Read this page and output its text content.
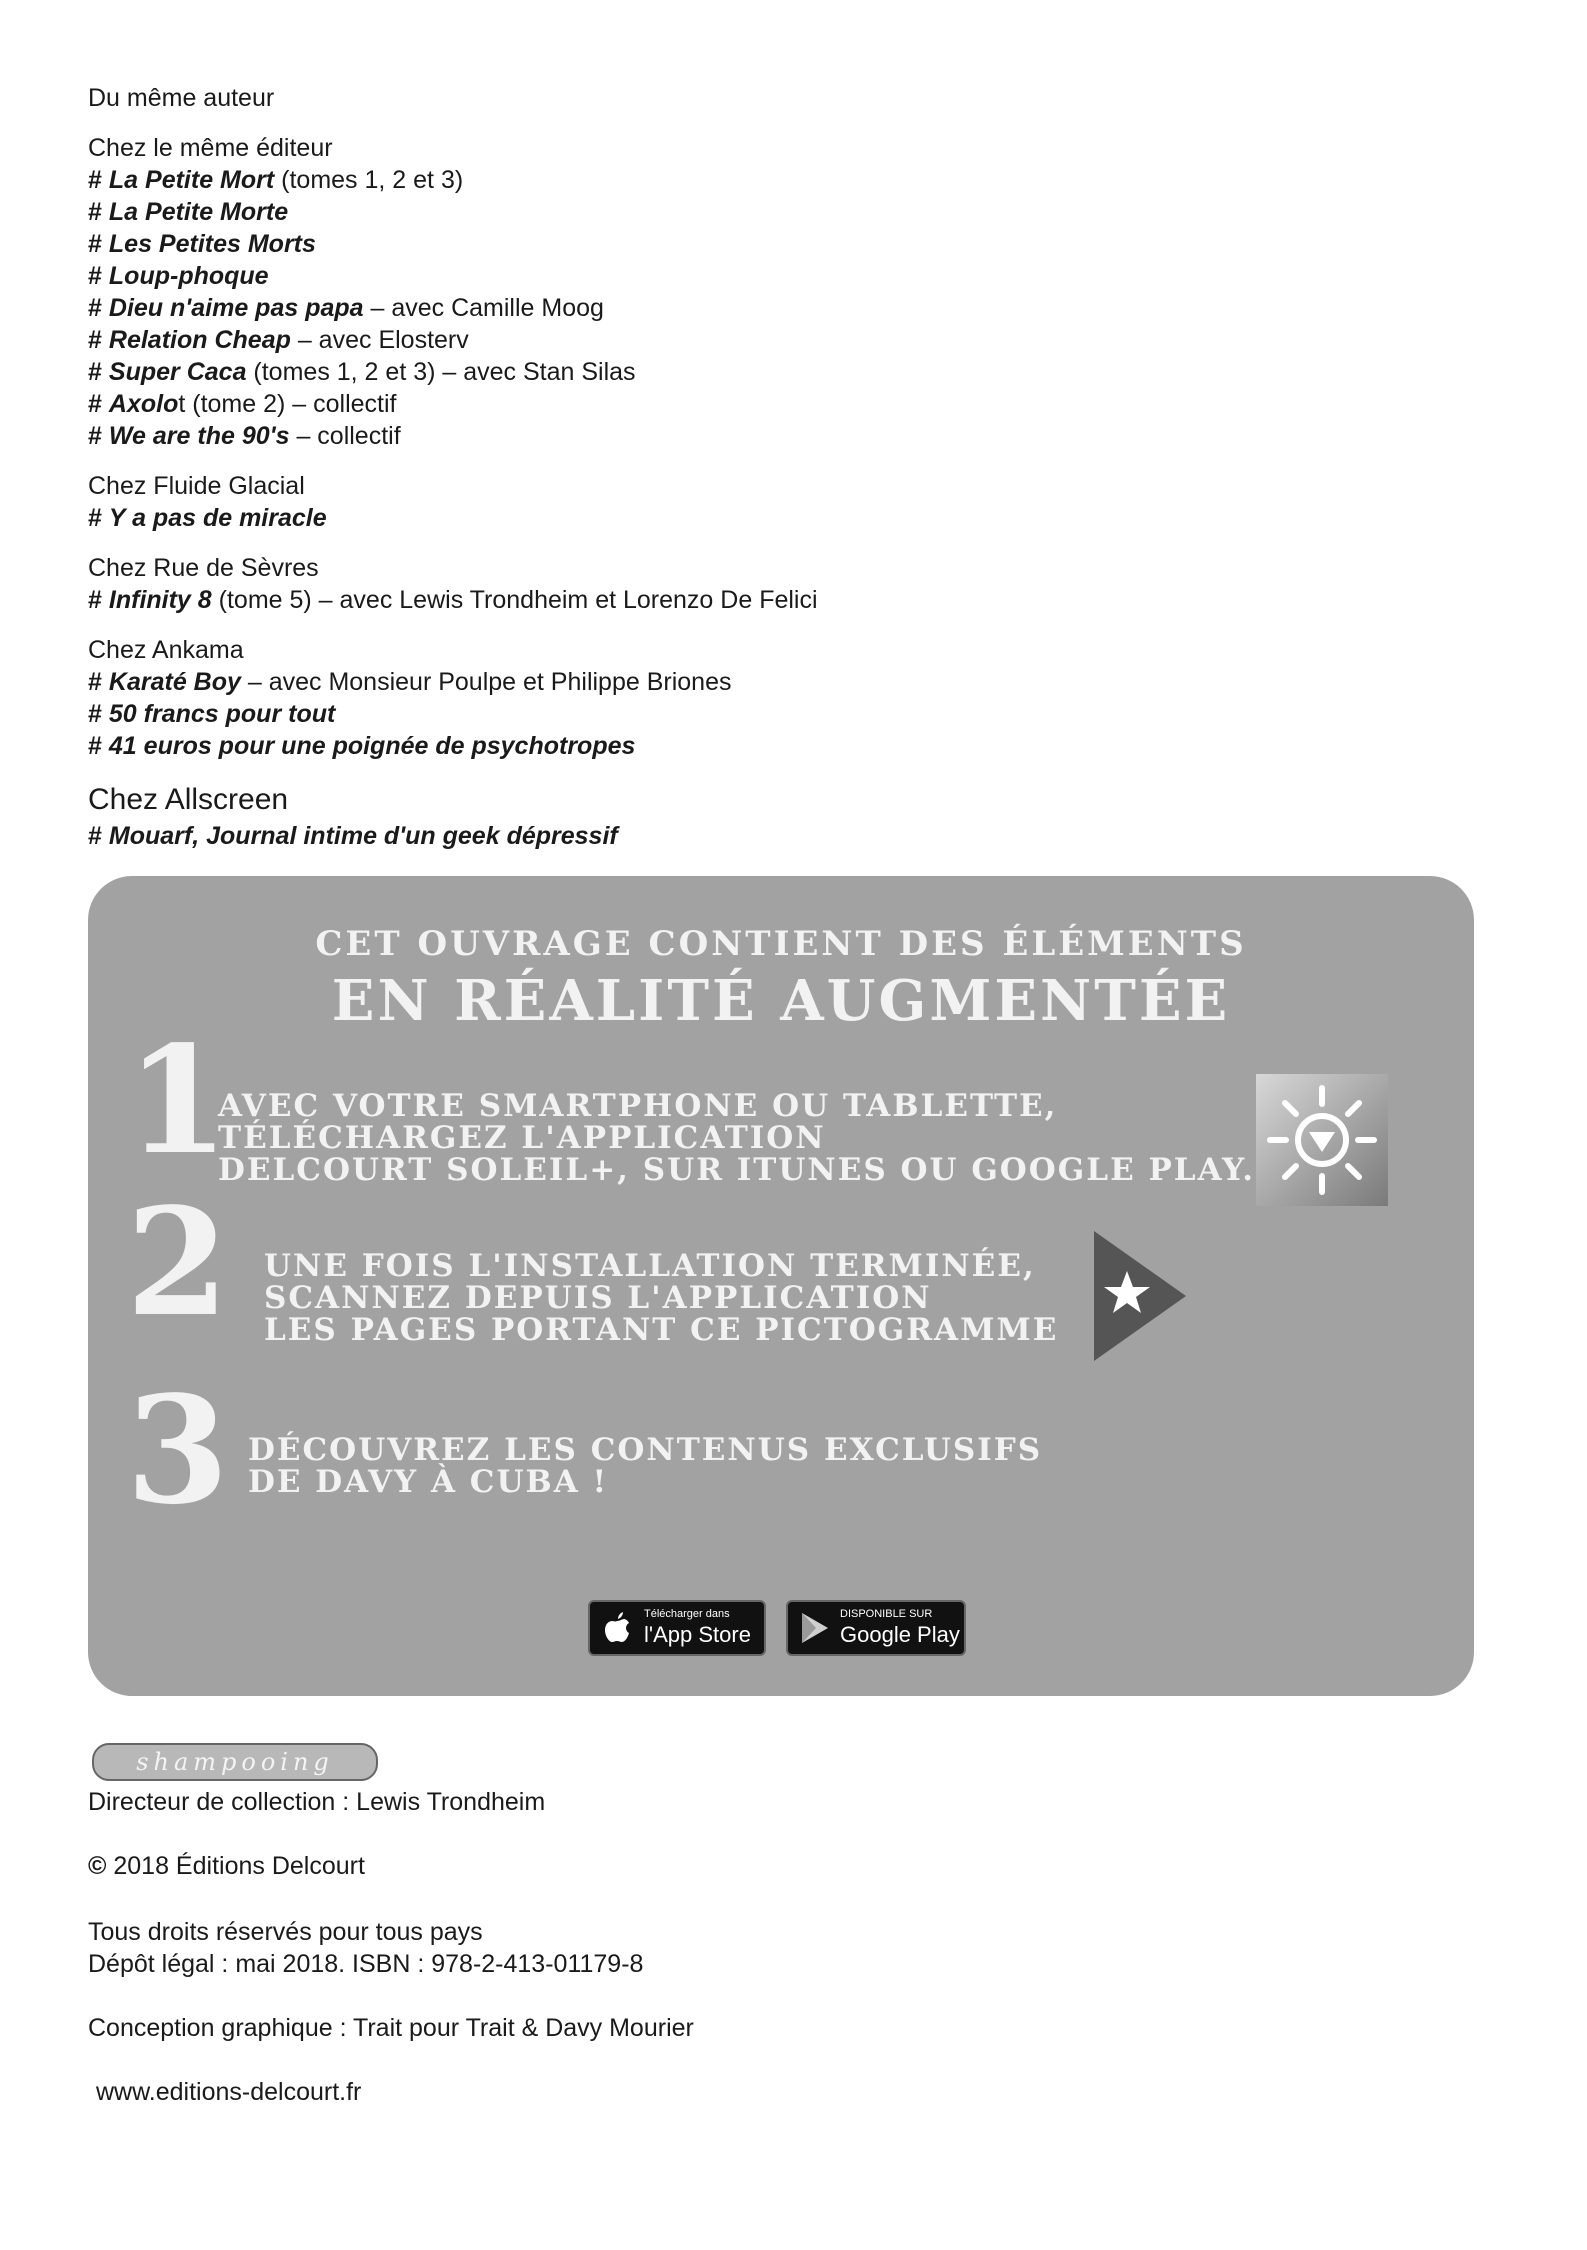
Du même auteur

Chez le même éditeur

# La Petite Mort (tomes 1, 2 et 3)

# La Petite Morte

# Les Petites Morts

# Loup-phoque

# Dieu n'aime pas papa – avec Camille Moog

# Relation Cheap – avec Elosterv

# Super Caca (tomes 1, 2 et 3) – avec Stan Silas

# Axolot (tome 2) – collectif

# We are the 90's – collectif

Chez Fluide Glacial

# Y a pas de miracle

Chez Rue de Sèvres

# Infinity 8 (tome 5) – avec Lewis Trondheim et Lorenzo De Felici

Chez Ankama

# Karaté Boy – avec Monsieur Poulpe et Philippe Briones

# 50 francs pour tout

# 41 euros pour une poignée de psychotropes

Chez Allscreen

# Mouarf, Journal intime d'un geek dépressif

CET OUVRAGE CONTIENT DES ÉLÉMENTS
EN RÉALITÉ AUGMENTÉE
1
AVEC VOTRE SMARTPHONE OU TABLETTE,
TÉLÉCHARGEZ L'APPLICATION
DELCOURT SOLEIL+, SUR ITUNES OU GOOGLE PLAY.
2 UNE FOIS L'INSTALLATION TERMINÉE,
SCANNEZ DEPUIS L'APPLICATION
LES PAGES PORTANT CE PICTOGRAMME
3 DÉCOUVREZ LES CONTENUS EXCLUSIFS
DE DAVY À CUBA !
Télécharger dans
l'App Store
DISPONIBLE SUR
Google Play
shampooing
Directeur de collection : Lewis Trondheim
© 2018 Éditions Delcourt
Tous droits réservés pour tous pays
Dépôt légal : mai 2018. ISBN : 978-2-413-01179-8
Conception graphique : Trait pour Trait & Davy Mourier
www.editions-delcourt.fr
